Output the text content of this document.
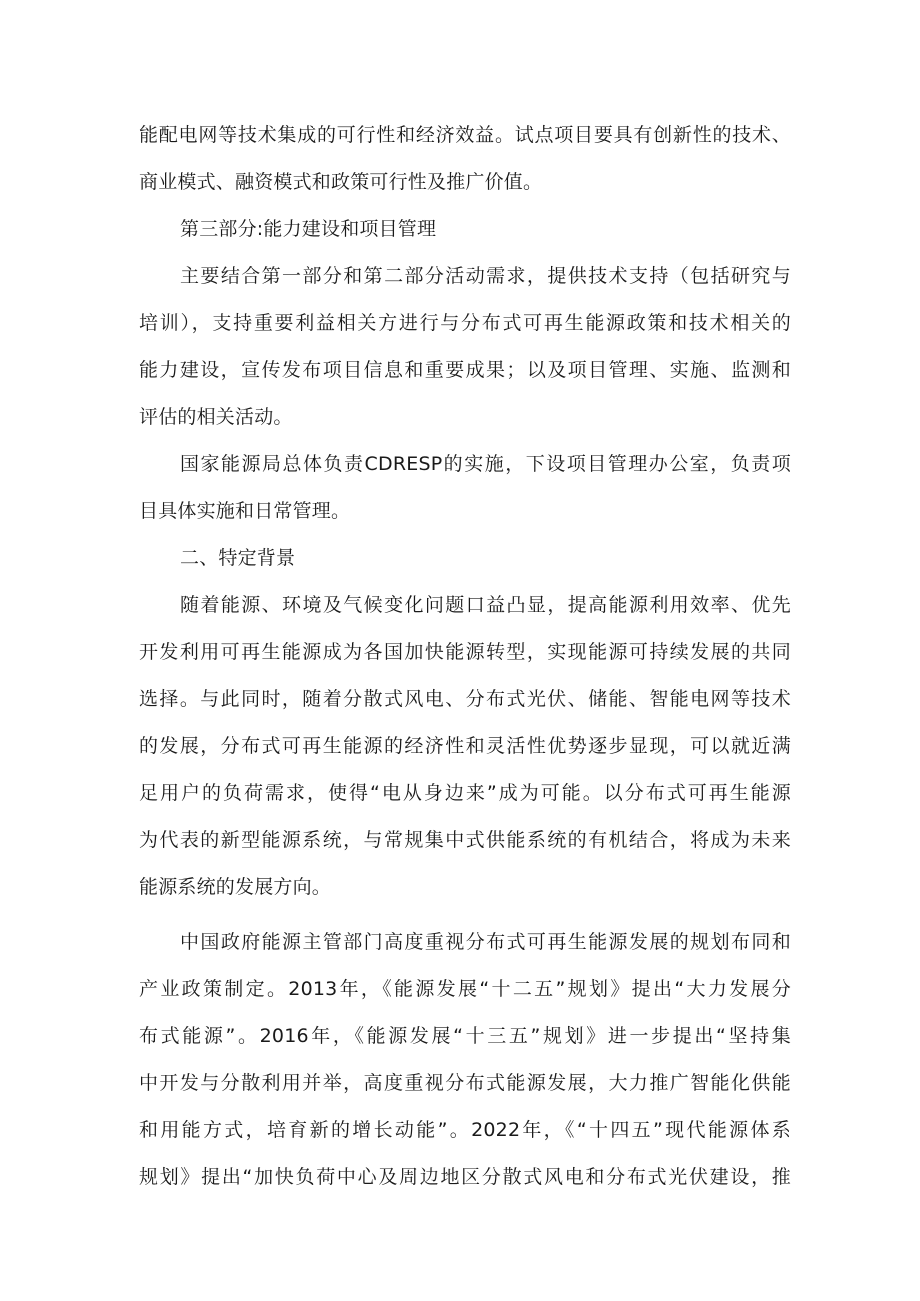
能配电网等技术集成的可行性和经济效益。试点项目要具有创新性的技术、
商业模式、融资模式和政策可行性及推广价值。
第三部分:能力建设和项目管理
主要结合第一部分和第二部分活动需求，提供技术支持（包括研究与
培训），支持重要利益相关方进行与分布式可再生能源政策和技术相关的
能力建设，宣传发布项目信息和重要成果；以及项目管理、实施、监测和
评估的相关活动。
国家能源局总体负责CDRESP的实施，下设项目管理办公室，负责项
目具体实施和日常管理。
二、特定背景
随着能源、环境及气候变化问题口益凸显，提高能源利用效率、优先
开发利用可再生能源成为各国加快能源转型，实现能源可持续发展的共同
选择。与此同时，随着分散式风电、分布式光伏、储能、智能电网等技术
的发展，分布式可再生能源的经济性和灵活性优势逐步显现，可以就近满
足用户的负荷需求，使得“电从身边来”成为可能。以分布式可再生能源
为代表的新型能源系统，与常规集中式供能系统的有机结合，将成为未来
能源系统的发展方向。
中国政府能源主管部门高度重视分布式可再生能源发展的规划布同和
产业政策制定。2013年，《能源发展“十二五”规划》提出“大力发展分
布式能源”。2016年，《能源发展“十三五”规划》进一步提出“坚持集
中开发与分散利用并举，高度重视分布式能源发展，大力推广智能化供能
和用能方式，培育新的增长动能”。2022年，《“十四五”现代能源体系
规划》提出“加快负荷中心及周边地区分散式风电和分布式光伏建设，推
